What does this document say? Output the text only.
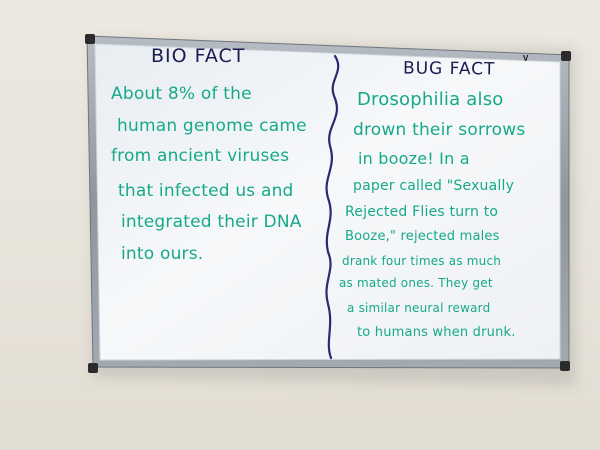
V
BIO FACT
BUG FACT
About 8% of the
human genome came
from ancient viruses
that infected us and
integrated their DNA
into ours.
Drosophilia also
drown their sorrows
in booze! In a
paper called "Sexually
Rejected Flies turn to
Booze," rejected males
drank four times as much
as mated ones. They get
a similar neural reward
to humans when drunk.
